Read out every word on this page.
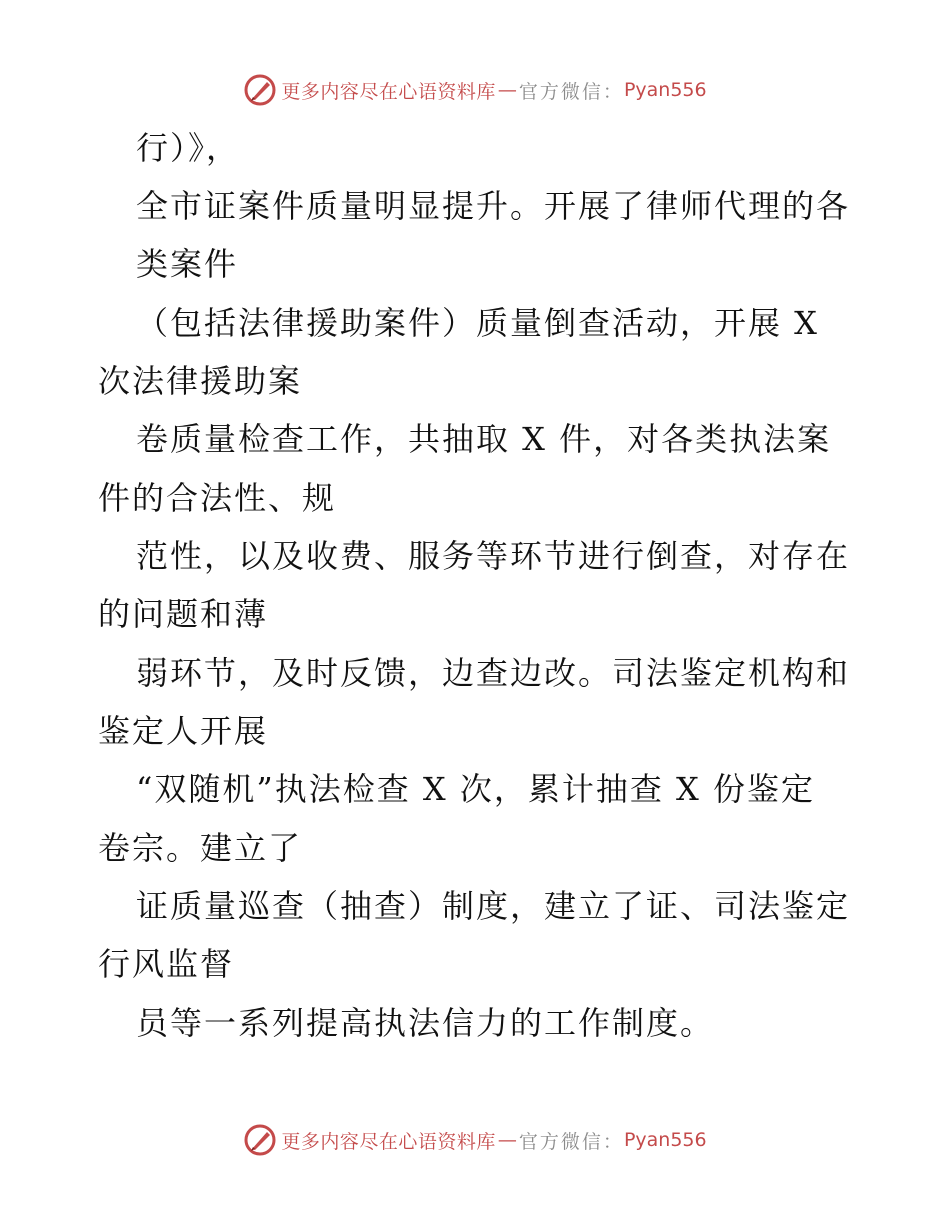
更多内容尽在心语资料库 — 官方微信： Pyan556
行）》，
全市证案件质量明显提升。开展了律师代理的各
类案件
（包括法律援助案件）质量倒查活动，开展 X
次法律援助案
卷质量检查工作，共抽取 X 件，对各类执法案
件的合法性、规
范性，以及收费、服务等环节进行倒查，对存在
的问题和薄
弱环节，及时反馈，边查边改。司法鉴定机构和
鉴定人开展
“双随机”执法检查 X 次，累计抽查 X 份鉴定
卷宗。建立了
证质量巡查（抽查）制度，建立了证、司法鉴定
行风监督
员等一系列提高执法信力的工作制度。
更多内容尽在心语资料库 — 官方微信： Pyan556
